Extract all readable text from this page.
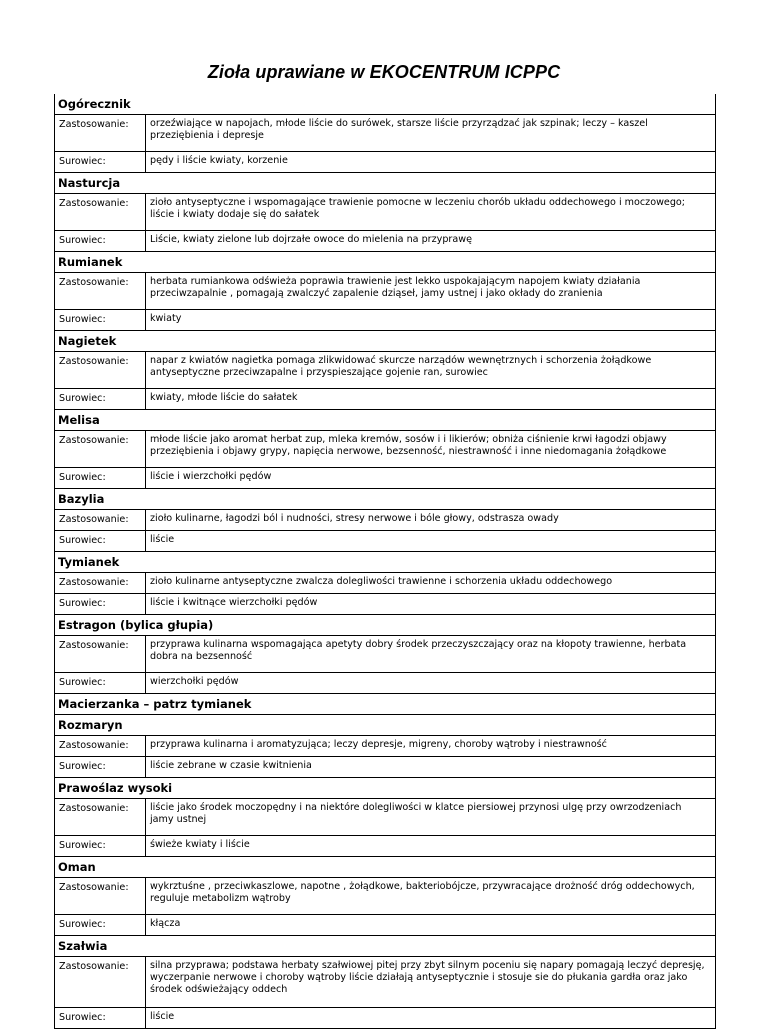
Zioła uprawiane w EKOCENTRUM ICPPC
Ogórecznik
Zastosowanie:	orzeźwiające w napojach, młode liście do surówek, starsze liście przyrządzać jak szpinak; leczy – kaszel przeziębienia i depresje
Surowiec:	pędy i liście kwiaty, korzenie
Nasturcja
Zastosowanie:	zioło antyseptyczne i wspomagające trawienie pomocne w leczeniu chorób układu oddechowego i moczowego; liście i kwiaty dodaje się do sałatek
Surowiec:	Liście, kwiaty zielone lub dojrzałe owoce do mielenia na przyprawę
Rumianek
Zastosowanie:	herbata rumiankowa odświeża poprawia trawienie jest lekko uspokajającym napojem kwiaty działania przeciwzapalnie , pomagają zwalczyć zapalenie dziąseł, jamy ustnej i jako okłady do zranienia
Surowiec:	kwiaty
Nagietek
Zastosowanie:	napar z kwiatów nagietka pomaga zlikwidować skurcze narządów wewnętrznych i schorzenia żołądkowe antyseptyczne przeciwzapalne i przyspieszające gojenie ran, surowiec
Surowiec:	kwiaty, młode liście do sałatek
Melisa
Zastosowanie:	młode liście jako aromat herbat zup, mleka kremów, sosów i i likierów; obniża ciśnienie krwi łagodzi objawy przeziębienia i objawy grypy, napięcia nerwowe, bezsenność, niestrawność i inne niedomagania żołądkowe
Surowiec:	liście i wierzchołki pędów
Bazylia
Zastosowanie:	zioło kulinarne, łagodzi ból i nudności, stresy nerwowe i bóle głowy, odstrasza owady
Surowiec:	liście
Tymianek
Zastosowanie:	zioło kulinarne antyseptyczne zwalcza dolegliwości trawienne i schorzenia układu oddechowego
Surowiec:	liście i kwitnące wierzchołki pędów
Estragon (bylica głupia)
Zastosowanie:	przyprawa kulinarna wspomagająca apetyty dobry środek przeczyszczający oraz na kłopoty trawienne, herbata dobra na bezsenność
Surowiec:	wierzchołki pędów
Macierzanka – patrz tymianek
Rozmaryn
Zastosowanie:	przyprawa kulinarna i aromatyzująca; leczy depresje, migreny, choroby wątroby i niestrawność
Surowiec:	liście zebrane w czasie kwitnienia
Prawoślaz wysoki
Zastosowanie:	liście jako środek moczopędny i na niektóre dolegliwości w klatce piersiowej przynosi ulgę przy owrzodzeniach jamy ustnej
Surowiec:	świeże kwiaty i liście
Oman
Zastosowanie:	wykrztuśne , przeciwkaszlowe, napotne , żołądkowe, bakteriobójcze, przywracające drożność dróg oddechowych, reguluje metabolizm wątroby
Surowiec:	kłącza
Szałwia
Zastosowanie:	silna przyprawa; podstawa herbaty szałwiowej pitej przy zbyt silnym poceniu się napary pomagają leczyć depresję, wyczerpanie nerwowe i choroby wątroby liście działają antyseptycznie i stosuje sie do płukania gardła oraz jako środek odświeżający oddech
Surowiec:	liście
